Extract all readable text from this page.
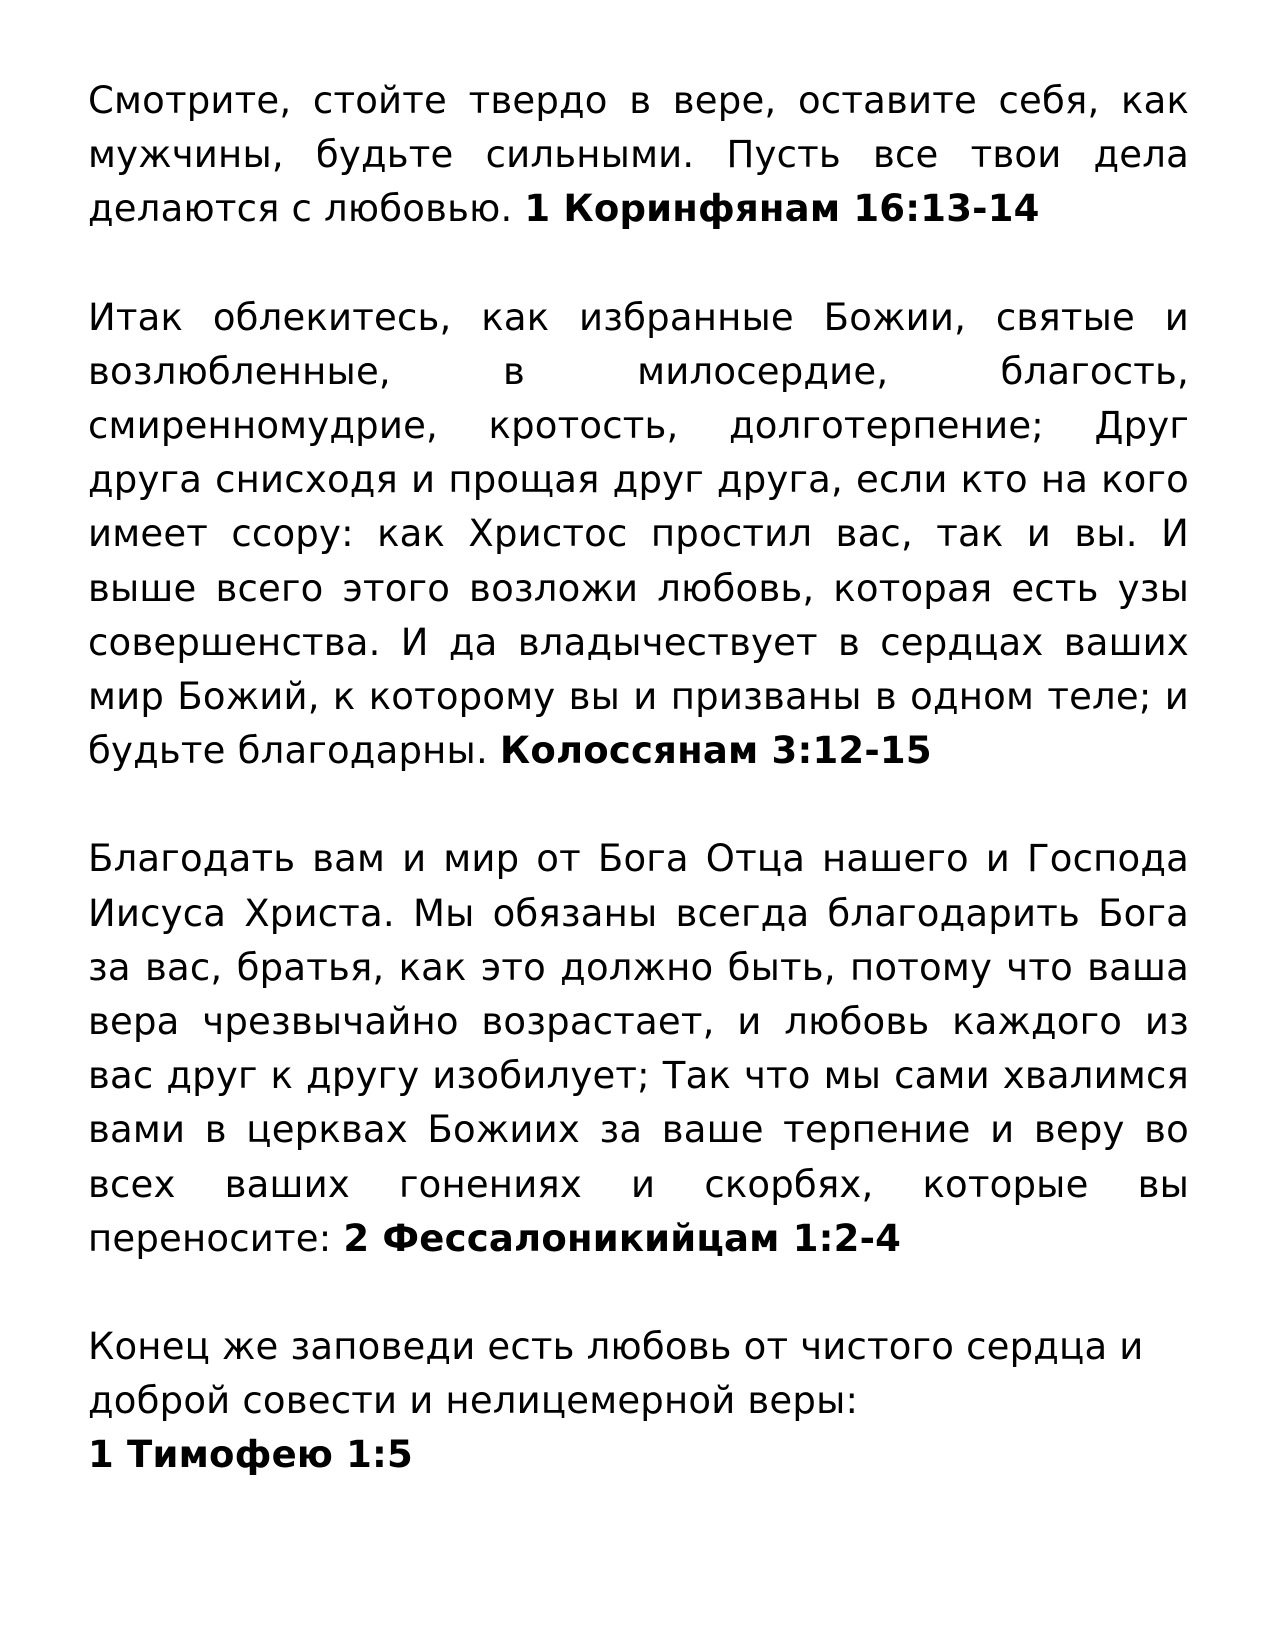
Смотрите, стойте твердо в вере, оставите себя, как мужчины, будьте сильными. Пусть все твои дела делаются с любовью. 1 Коринфянам 16:13-14

Итак облекитесь, как избранные Божии, святые и возлюбленные, в милосердие, благость, смиренномудрие, кротость, долготерпение; Друг друга снисходя и прощая друг друга, если кто на кого имеет ссору: как Христос простил вас, так и вы. И выше всего этого возложи любовь, которая есть узы совершенства. И да владычествует в сердцах ваших мир Божий, к которому вы и призваны в одном теле; и будьте благодарны. Колоссянам 3:12-15

Благодать вам и мир от Бога Отца нашего и Господа Иисуса Христа. Мы обязаны всегда благодарить Бога за вас, братья, как это должно быть, потому что ваша вера чрезвычайно возрастает, и любовь каждого из вас друг к другу изобилует; Так что мы сами хвалимся вами в церквах Божиих за ваше терпение и веру во всех ваших гонениях и скорбях, которые вы переносите: 2 Фессалоникийцам 1:2-4

Конец же заповеди есть любовь от чистого сердца и доброй совести и нелицемерной веры:
1 Тимофею 1:5
